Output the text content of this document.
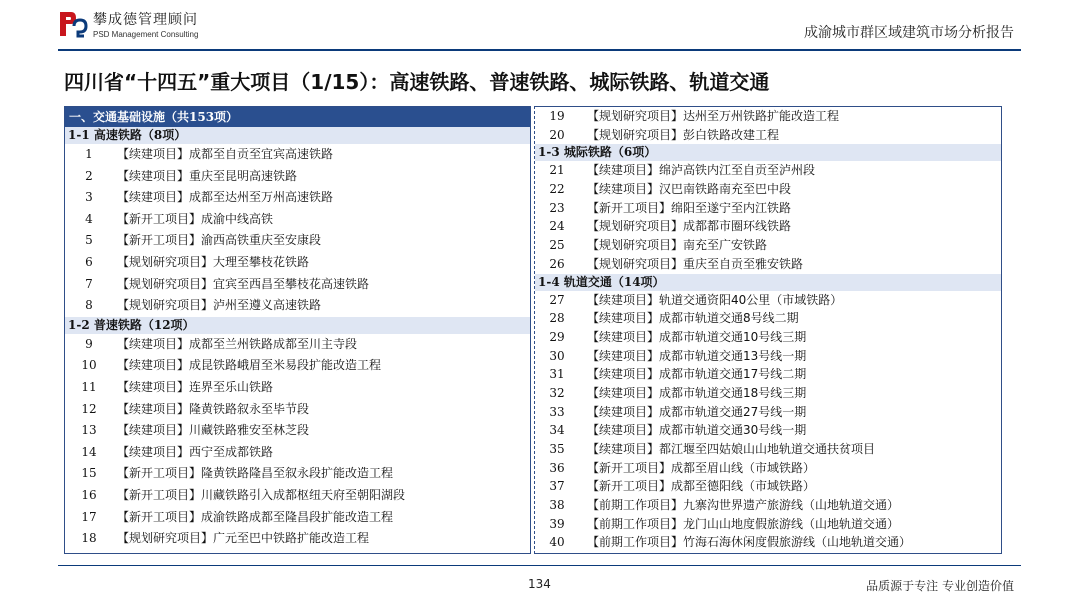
攀成德管理顾问
PSD Management Consulting	成渝城市群区域建筑市场分析报告
四川省“十四五”重大项目（1/15）：高速铁路、普速铁路、城际铁路、轨道交通
一、交通基础设施（共153项）
1-1 高速铁路（8项）
1	【续建项目】成都至自贡至宜宾高速铁路
2	【续建项目】重庆至昆明高速铁路
3	【续建项目】成都至达州至万州高速铁路
4	【新开工项目】成渝中线高铁
5	【新开工项目】渝西高铁重庆至安康段
6	【规划研究项目】大理至攀枝花铁路
7	【规划研究项目】宜宾至西昌至攀枝花高速铁路
8	【规划研究项目】泸州至遵义高速铁路
1-2 普速铁路（12项）
9	【续建项目】成都至兰州铁路成都至川主寺段
10	【续建项目】成昆铁路峨眉至米易段扩能改造工程
11	【续建项目】连界至乐山铁路
12	【续建项目】隆黄铁路叙永至毕节段
13	【续建项目】川藏铁路雅安至林芝段
14	【续建项目】西宁至成都铁路
15	【新开工项目】隆黄铁路隆昌至叙永段扩能改造工程
16	【新开工项目】川藏铁路引入成都枢纽天府至朝阳湖段
17	【新开工项目】成渝铁路成都至隆昌段扩能改造工程
18	【规划研究项目】广元至巴中铁路扩能改造工程
19	【规划研究项目】达州至万州铁路扩能改造工程
20	【规划研究项目】彭白铁路改建工程
1-3 城际铁路（6项）
21	【续建项目】绵泸高铁内江至自贡至泸州段
22	【续建项目】汉巴南铁路南充至巴中段
23	【新开工项目】绵阳至遂宁至内江铁路
24	【规划研究项目】成都都市圈环线铁路
25	【规划研究项目】南充至广安铁路
26	【规划研究项目】重庆至自贡至雅安铁路
1-4 轨道交通（14项）
27	【续建项目】轨道交通资阳40公里（市域铁路）
28	【续建项目】成都市轨道交通8号线二期
29	【续建项目】成都市轨道交通10号线三期
30	【续建项目】成都市轨道交通13号线一期
31	【续建项目】成都市轨道交通17号线二期
32	【续建项目】成都市轨道交通18号线三期
33	【续建项目】成都市轨道交通27号线一期
34	【续建项目】成都市轨道交通30号线一期
35	【续建项目】都江堰至四姑娘山山地轨道交通扶贫项目
36	【新开工项目】成都至眉山线（市域铁路）
37	【新开工项目】成都至德阳线（市域铁路）
38	【前期工作项目】九寨沟世界遗产旅游线（山地轨道交通）
39	【前期工作项目】龙门山山地度假旅游线（山地轨道交通）
40	【前期工作项目】竹海石海休闲度假旅游线（山地轨道交通）
134	品质源于专注 专业创造价值
